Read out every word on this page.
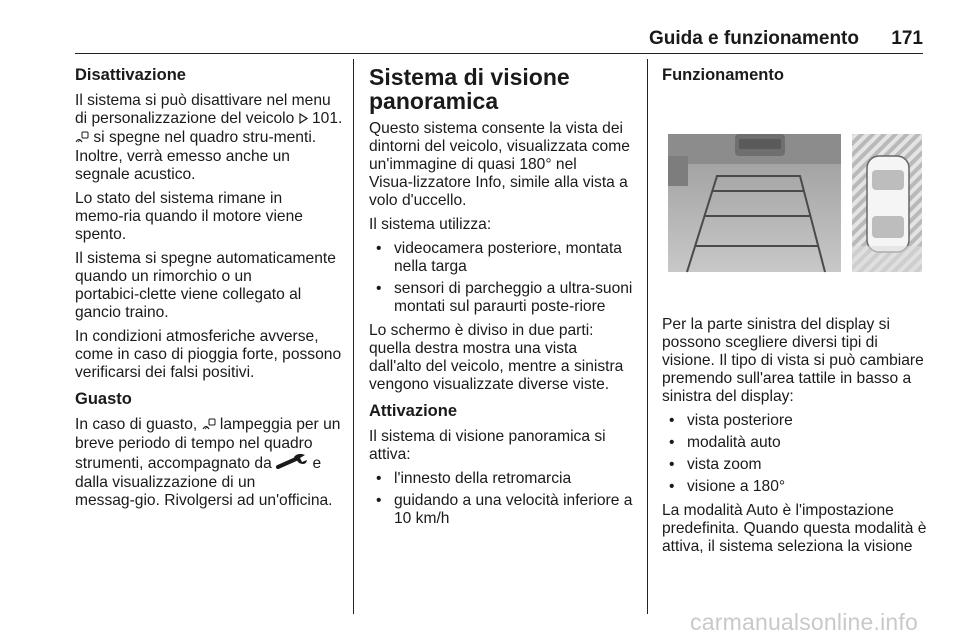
Guida e funzionamento 171
Disattivazione

Il sistema si può disattivare nel menu di personalizzazione del veicolo 101.  si spegne nel quadro stru‑menti. Inoltre, verrà emesso anche un segnale acustico.

Lo stato del sistema rimane in memo‑ria quando il motore viene spento.

Il sistema si spegne automaticamente quando un rimorchio o un portabici‑clette viene collegato al gancio traino.

In condizioni atmosferiche avverse, come in caso di pioggia forte, possono verificarsi dei falsi positivi.

Guasto

In caso di guasto, lampeggia per un breve periodo di tempo nel quadro strumenti, accompagnato da	e dalla visualizzazione di un messag‑gio. Rivolgersi ad un'officina.

Sistema di visione panoramica

Questo sistema consente la vista dei dintorni del veicolo, visualizzata come un'immagine di quasi 180° nel Visua‑lizzatore Info, simile alla vista a volo d'uccello.

Il sistema utilizza:

• videocamera posteriore, montata nella targa
• sensori di parcheggio a ultra‑suoni montati sul paraurti poste‑riore

Lo schermo è diviso in due parti: quella destra mostra una vista dall'alto del veicolo, mentre a sinistra vengono visualizzate diverse viste.

Attivazione

Il sistema di visione panoramica si attiva:

• l'innesto della retromarcia
• guidando a una velocità inferiore a 10 km/h
Funzionamento

Per la parte sinistra del display si possono scegliere diversi tipi di visione. Il tipo di vista si può cambiare premendo sull'area tattile in basso a sinistra del display:

• vista posteriore
• modalità auto
• vista zoom
• visione a 180°

La modalità Auto è l'impostazione predefinita. Quando questa modalità è attiva, il sistema seleziona la visione

carmanualsonline.info
